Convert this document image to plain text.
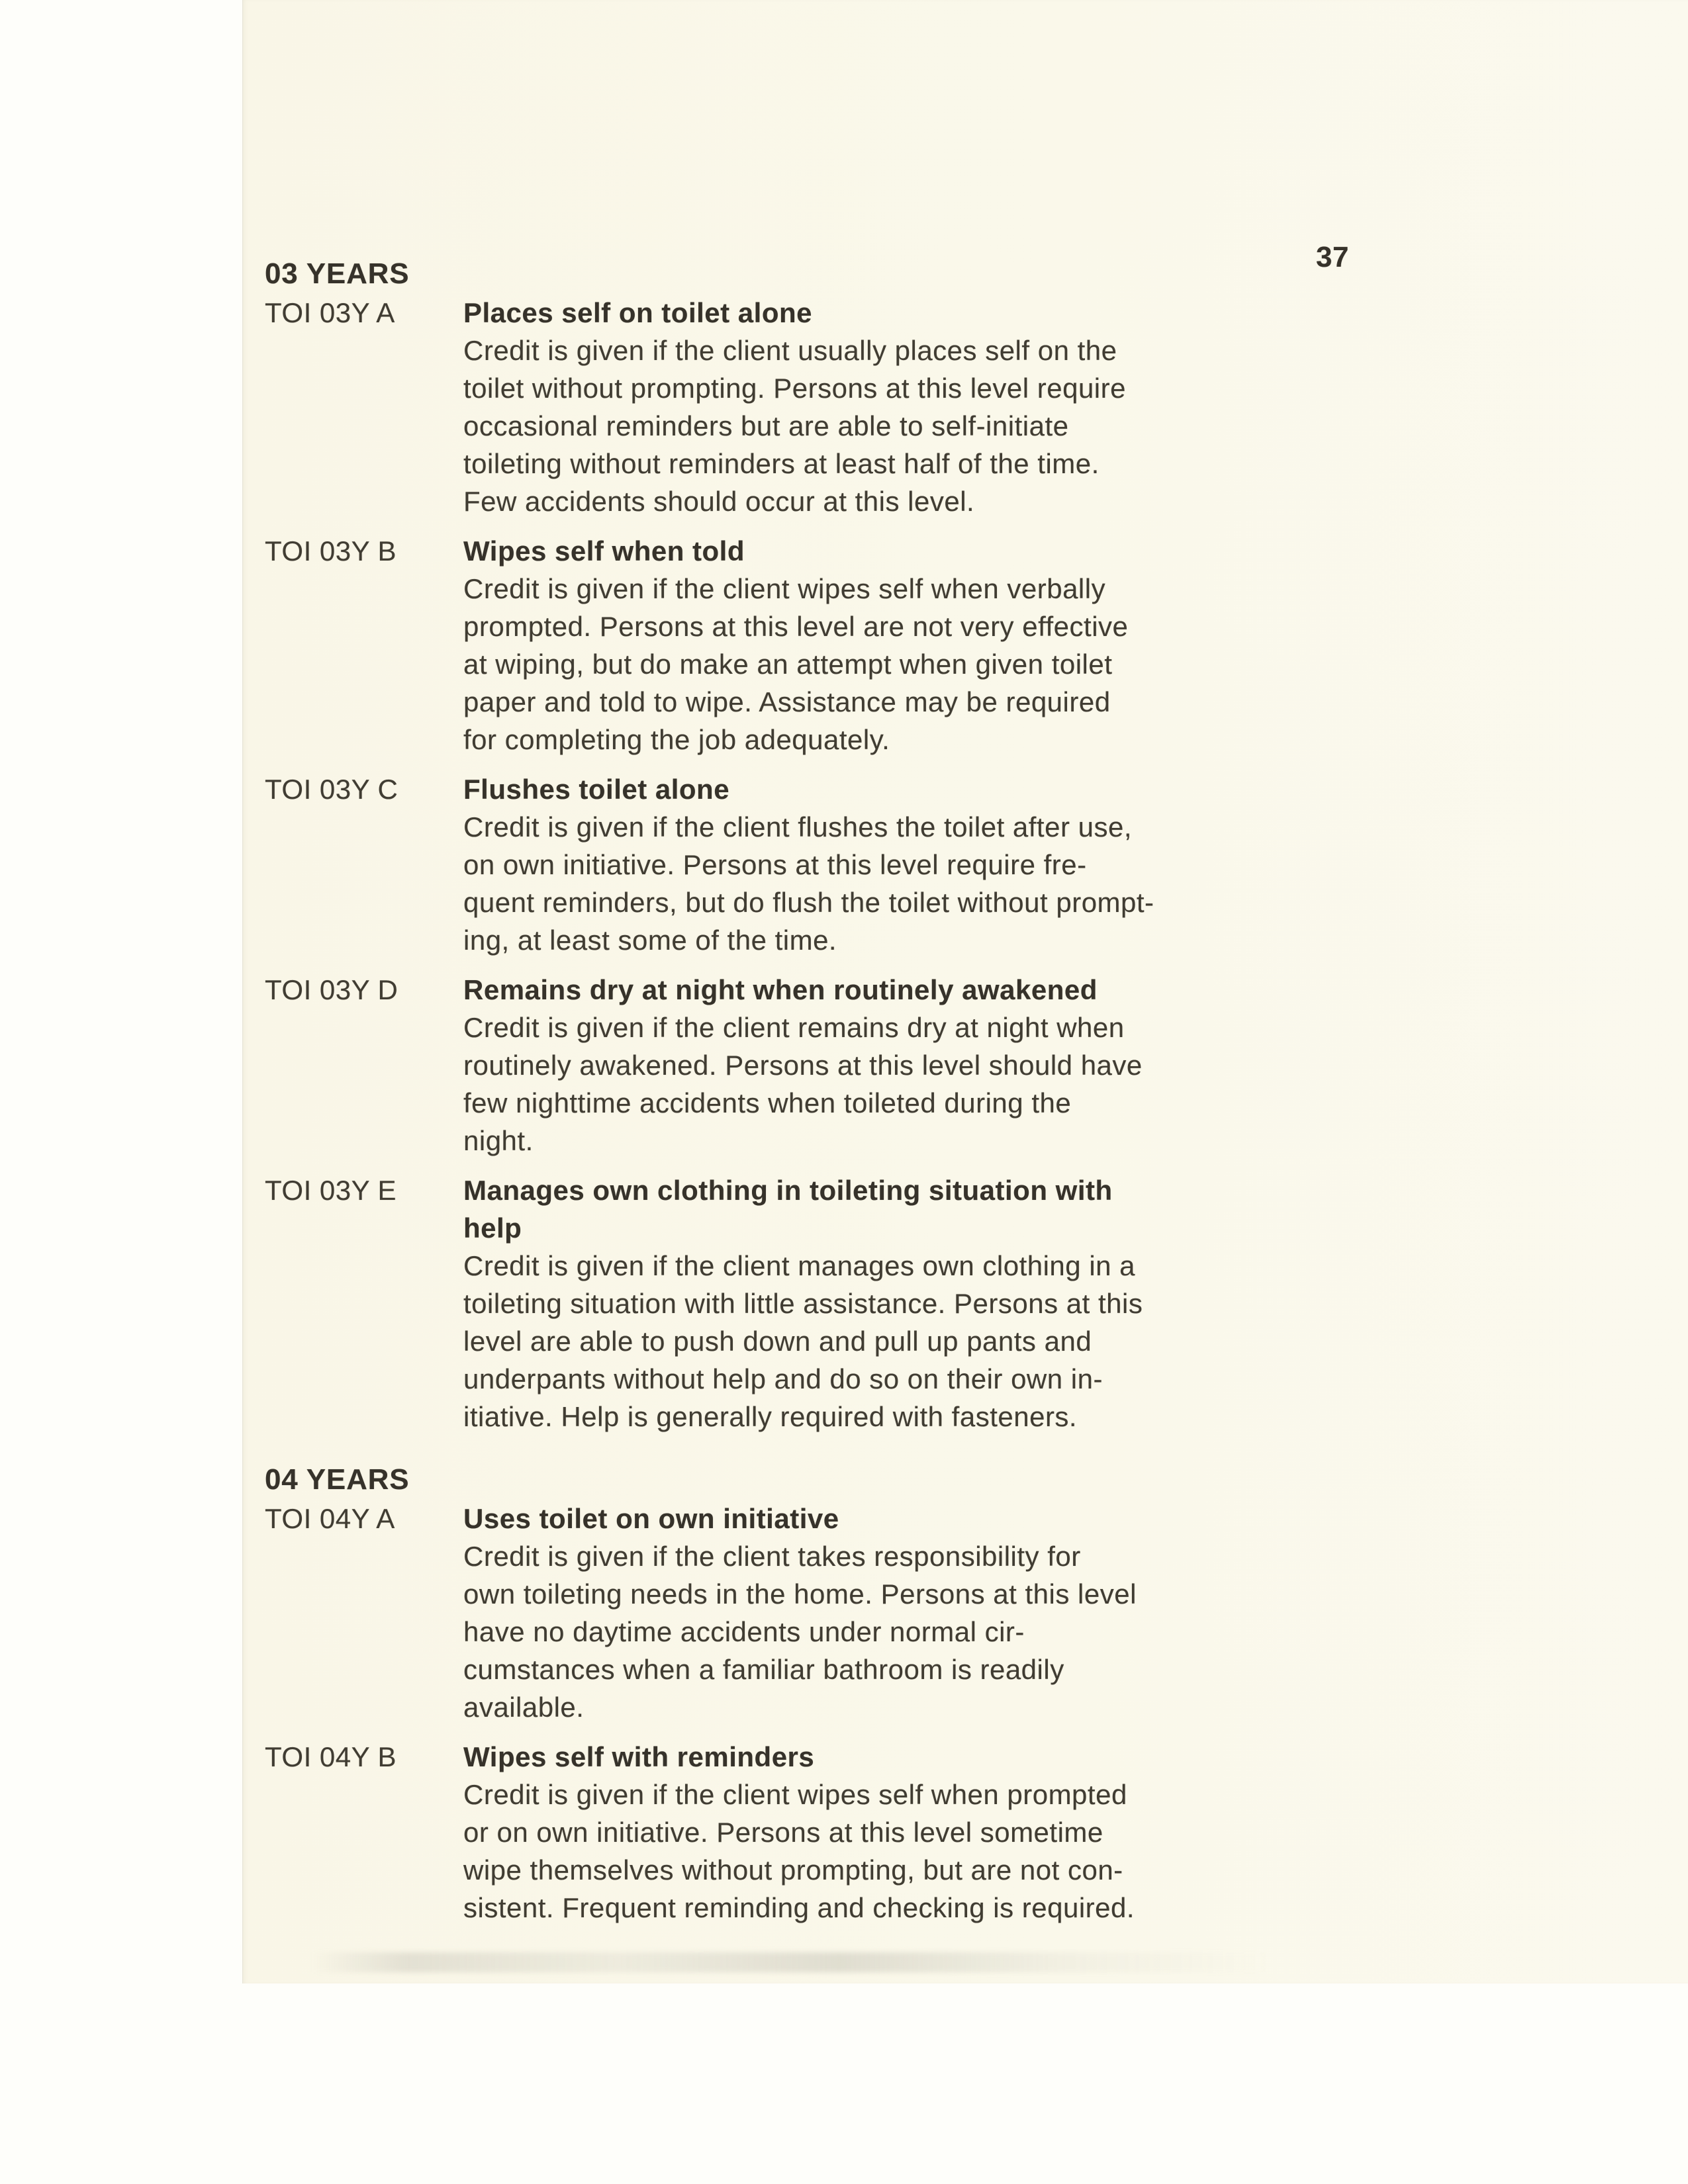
37
03 YEARS
TOI 03Y A	Places self on toilet alone
Credit is given if the client usually places self on the
toilet without prompting. Persons at this level require
occasional reminders but are able to self-initiate
toileting without reminders at least half of the time.
Few accidents should occur at this level.
TOI 03Y B	Wipes self when told
Credit is given if the client wipes self when verbally
prompted. Persons at this level are not very effective
at wiping, but do make an attempt when given toilet
paper and told to wipe. Assistance may be required
for completing the job adequately.
TOI 03Y C	Flushes toilet alone
Credit is given if the client flushes the toilet after use,
on own initiative. Persons at this level require fre-
quent reminders, but do flush the toilet without prompt-
ing, at least some of the time.
TOI 03Y D	Remains dry at night when routinely awakened
Credit is given if the client remains dry at night when
routinely awakened. Persons at this level should have
few nighttime accidents when toileted during the
night.
TOI 03Y E	Manages own clothing in toileting situation with
help
Credit is given if the client manages own clothing in a
toileting situation with little assistance. Persons at this
level are able to push down and pull up pants and
underpants without help and do so on their own in-
itiative. Help is generally required with fasteners.
04 YEARS
TOI 04Y A	Uses toilet on own initiative
Credit is given if the client takes responsibility for
own toileting needs in the home. Persons at this level
have no daytime accidents under normal cir-
cumstances when a familiar bathroom is readily
available.
TOI 04Y B	Wipes self with reminders
Credit is given if the client wipes self when prompted
or on own initiative. Persons at this level sometime
wipe themselves without prompting, but are not con-
sistent. Frequent reminding and checking is required.
